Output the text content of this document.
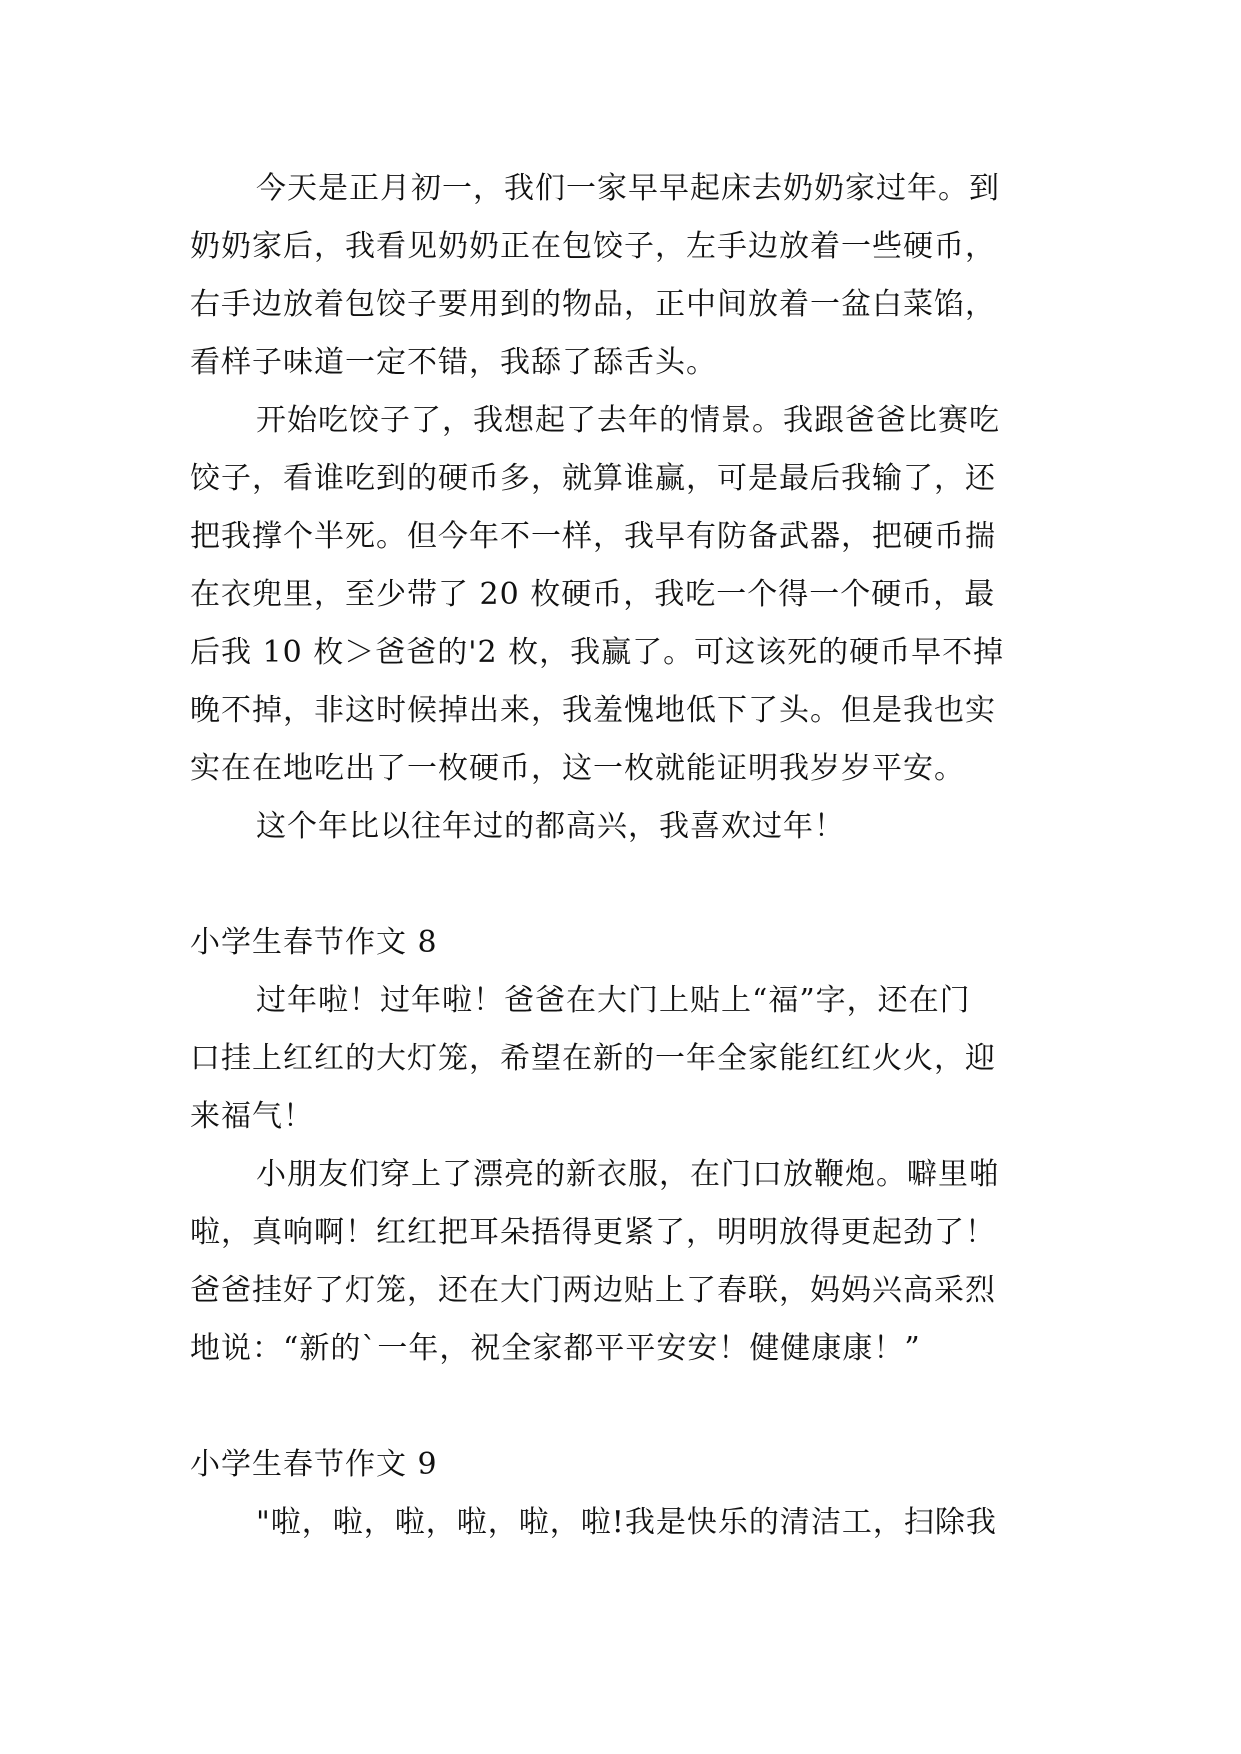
今天是正月初一，我们一家早早起床去奶奶家过年。到
奶奶家后，我看见奶奶正在包饺子，左手边放着一些硬币，
右手边放着包饺子要用到的物品，正中间放着一盆白菜馅，
看样子味道一定不错，我舔了舔舌头。
开始吃饺子了，我想起了去年的情景。我跟爸爸比赛吃
饺子，看谁吃到的硬币多，就算谁赢，可是最后我输了，还
把我撑个半死。但今年不一样，我早有防备武器，把硬币揣
在衣兜里，至少带了 20 枚硬币，我吃一个得一个硬币，最
后我 10 枚＞爸爸的'2 枚，我赢了。可这该死的硬币早不掉
晚不掉，非这时候掉出来，我羞愧地低下了头。但是我也实
实在在地吃出了一枚硬币，这一枚就能证明我岁岁平安。
这个年比以往年过的都高兴，我喜欢过年！
小学生春节作文 8
过年啦！过年啦！爸爸在大门上贴上“福”字，还在门
口挂上红红的大灯笼，希望在新的一年全家能红红火火，迎
来福气！
小朋友们穿上了漂亮的新衣服，在门口放鞭炮。噼里啪
啦，真响啊！红红把耳朵捂得更紧了，明明放得更起劲了！
爸爸挂好了灯笼，还在大门两边贴上了春联，妈妈兴高采烈
地说：“新的`一年，祝全家都平平安安！健健康康！”
小学生春节作文 9
"啦，啦，啦，啦，啦，啦!我是快乐的清洁工，扫除我
